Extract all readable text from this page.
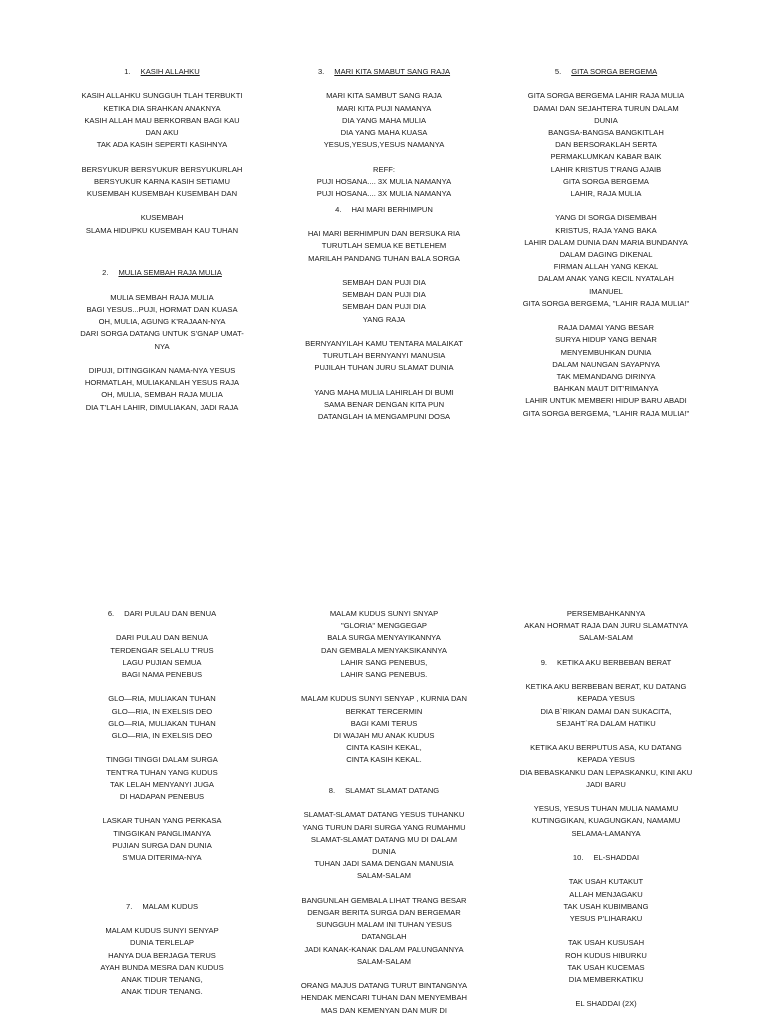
1. KASIH ALLAHKU
KASIH ALLAHKU SUNGGUH TLAH TERBUKTI
KETIKA DIA SRAHKAN ANAKNYA
KASIH ALLAH MAU BERKORBAN BAGI KAU
DAN AKU
TAK ADA KASIH SEPERTI KASIHNYA
BERSYUKUR BERSYUKUR BERSYUKURLAH
BERSYUKUR KARNA KASIH SETIAMU
KUSEMBAH KUSEMBAH KUSEMBAH DAN
KUSEMBAH
SLAMA HIDUPKU KUSEMBAH KAU TUHAN
2. MULIA SEMBAH RAJA MULIA
MULIA SEMBAH RAJA MULIA
BAGI YESUS...PUJI, HORMAT DAN KUASA
OH, MULIA, AGUNG K’RAJAAN-NYA
DARI SORGA DATANG UNTUK S’GNAP UMAT-
NYA
DIPUJI, DITINGGIKAN NAMA-NYA YESUS
HORMATLAH, MULIAKANLAH YESUS RAJA
OH, MULIA, SEMBAH RAJA MULIA
DIA T’LAH LAHIR, DIMULIAKAN, JADI RAJA
3. MARI KITA SMABUT SANG RAJA
MARI KITA SAMBUT SANG RAJA
MARI KITA PUJI NAMANYA
DIA YANG MAHA MULIA
DIA YANG MAHA KUASA
YESUS,YESUS,YESUS NAMANYA
REFF:
PUJI HOSANA.... 3X MULIA NAMANYA
PUJI HOSANA.... 3X MULIA NAMANYA
4. HAI MARI BERHIMPUN
HAI MARI BERHIMPUN DAN BERSUKA RIA
TURUTLAH SEMUA KE BETLEHEM
MARILAH PANDANG TUHAN BALA SORGA
SEMBAH DAN PUJI DIA
SEMBAH DAN PUJI DIA
SEMBAH DAN PUJI DIA
YANG RAJA
BERNYANYILAH KAMU TENTARA MALAIKAT
TURUTLAH BERNYANYI MANUSIA
PUJILAH TUHAN JURU SLAMAT DUNIA
YANG MAHA MULIA LAHIRLAH DI BUMI
SAMA BENAR DENGAN KITA PUN
DATANGLAH IA MENGAMPUNI DOSA
5. GITA SORGA BERGEMA
GITA SORGA BERGEMA LAHIR RAJA MULIA
DAMAI DAN SEJAHTERA TURUN DALAM
DUNIA
BANGSA-BANGSA BANGKITLAH
DAN BERSORAKLAH SERTA
PERMAKLUMKAN KABAR BAIK
LAHIR KRISTUS T’RANG AJAIB
GITA SORGA BERGEMA
LAHIR, RAJA MULIA
YANG DI SORGA DISEMBAH
KRISTUS, RAJA YANG BAKA
LAHIR DALAM DUNIA DAN MARIA BUNDANYA
DALAM DAGING DIKENAL
FIRMAN ALLAH YANG KEKAL
DALAM ANAK YANG KECIL NYATALAH
IMANUEL
GITA SORGA BERGEMA, "LAHIR RAJA MULIA!"
RAJA DAMAI YANG BESAR
SURYA HIDUP YANG BENAR
MENYEMBUHKAN DUNIA
DALAM NAUNGAN SAYAPNYA
TAK MEMANDANG DIRINYA
BAHKAN MAUT DIT’RIMANYA
LAHIR UNTUK MEMBERI HIDUP BARU ABADI
GITA SORGA BERGEMA, "LAHIR RAJA MULIA!"
6. DARI PULAU DAN BENUA
DARI PULAU DAN BENUA
TERDENGAR SELALU T’RUS
LAGU PUJIAN SEMUA
BAGI NAMA PENEBUS
GLO—RIA, MULIAKAN TUHAN
GLO—RIA, IN EXELSIS DEO
GLO—RIA, MULIAKAN TUHAN
GLO—RIA, IN EXELSIS DEO
TINGGI TINGGI DALAM SURGA
TENT’RA TUHAN YANG KUDUS
TAK LELAH MENYANYI JUGA
DI HADAPAN PENEBUS
LASKAR TUHAN YANG PERKASA
TINGGIKAN PANGLIMANYA
PUJIAN SURGA DAN DUNIA
S’MUA DITERIMA-NYA
7. MALAM KUDUS
MALAM KUDUS SUNYI SENYAP
DUNIA TERLELAP
HANYA DUA BERJAGA TERUS
AYAH BUNDA MESRA DAN KUDUS
ANAK TIDUR TENANG,
ANAK TIDUR TENANG.
MALAM KUDUS SUNYI SNYAP
"GLORIA" MENGGEGAP
BALA SURGA MENYAYIKANNYA
DAN GEMBALA MENYAKSIKANNYA
LAHIR SANG PENEBUS,
LAHIR SANG PENEBUS.
MALAM KUDUS SUNYI SENYAP , KURNIA DAN
BERKAT TERCERMIN
BAGI KAMI TERUS
DI WAJAH MU ANAK KUDUS
CINTA KASIH KEKAL,
CINTA KASIH KEKAL.
8. SLAMAT SLAMAT DATANG
SLAMAT-SLAMAT DATANG YESUS TUHANKU
YANG TURUN DARI SURGA YANG RUMAHMU
SLAMAT-SLAMAT DATANG MU DI DALAM
DUNIA
TUHAN JADI SAMA DENGAN MANUSIA
SALAM-SALAM
BANGUNLAH GEMBALA LIHAT TRANG BESAR
DENGAR BERITA SURGA DAN BERGEMAR
SUNGGUH MALAM INI TUHAN YESUS
DATANGLAH
JADI KANAK-KANAK DALAM PALUNGANNYA
SALAM-SALAM
ORANG MAJUS DATANG TURUT BINTANGNYA
HENDAK MENCARI TUHAN DAN MENYEMBAH
MAS DAN KEMENYAN DAN MUR DI
PERSEMBAHKANNYA
AKAN HORMAT RAJA DAN JURU SLAMATNYA
SALAM-SALAM
9. KETIKA AKU BERBEBAN BERAT
KETIKA AKU BERBEBAN BERAT, KU DATANG
KEPADA YESUS
DIA B`RIKAN DAMAI DAN SUKACITA,
SEJAHT`RA DALAM HATIKU
KETIKA AKU BERPUTUS ASA, KU DATANG
KEPADA YESUS
DIA BEBASKANKU DAN LEPASKANKU, KINI AKU
JADI BARU
YESUS, YESUS TUHAN MULIA NAMAMU
KUTINGGIKAN, KUAGUNGKAN, NAMAMU
SELAMA-LAMANYA
10. EL-SHADDAI
TAK USAH KUTAKUT
ALLAH MENJAGAKU
TAK USAH KUBIMBANG
YESUS P’LIHARAKU
TAK USAH KUSUSAH
ROH KUDUS HIBURKU
TAK USAH KUCEMAS
DIA MEMBERKATIKU
EL SHADDAI (2X)
